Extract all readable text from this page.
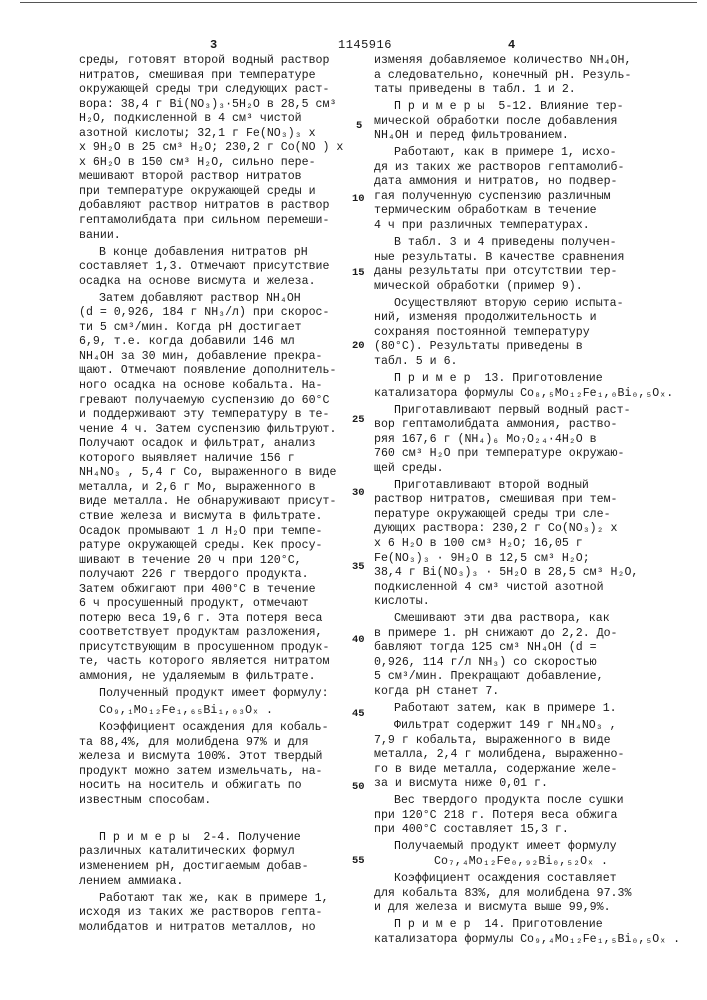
3	1145916	4
среды, готовят второй водный раствор
нитратов, смешивая при температуре
окружающей среды три следующих раст-
вора: 38,4 г Bi(NO₃)₃·5H₂O в 28,5 см³
H₂O, подкисленной в 4 см³ чистой
азотной кислоты; 32,1 г Fe(NO₃)₃ x
x 9H₂O в 25 см³ H₂O; 230,2 г Co(NO ) x
x 6H₂O в 150 см³ H₂O, сильно пере-
мешивают второй раствор нитратов
при температуре окружающей среды и
добавляют раствор нитратов в раствор
гептамолибдата при сильном перемеши-
вании.
В конце добавления нитратов pH
составляет 1,3. Отмечают присутствие
осадка на основе висмута и железа.
Затем добавляют раствор NH₄OH
(d = 0,926, 184 г NH₃/л) при скорос-
ти 5 см³/мин. Когда pH достигает
6,9, т.е. когда добавили 146 мл
NH₄OH за 30 мин, добавление прекра-
щают. Отмечают появление дополнитель-
ного осадка на основе кобальта. На-
гревают получаемую суспензию до 60°C
и поддерживают эту температуру в те-
чение 4 ч. Затем суспензию фильтруют.
Получают осадок и фильтрат, анализ
которого выявляет наличие 156 г
NH₄NO₃ , 5,4 г Co, выраженного в виде
металла, и 2,6 г Mo, выраженного в
виде металла. Не обнаруживают присут-
ствие железа и висмута в фильтрате.
Осадок промывают 1 л H₂O при темпе-
ратуре окружающей среды. Кек просу-
шивают в течение 20 ч при 120°C,
получают 226 г твердого продукта.
Затем обжигают при 400°C в течение
6 ч просушенный продукт, отмечают
потерю веса 19,6 г. Эта потеря веса
соответствует продуктам разложения,
присутствующим в просушенном продук-
те, часть которого является нитратом
аммония, не удаляемым в фильтрате.
Полученный продукт имеет формулу:
Co₉,₁Mo₁₂Fe₁,₆₅Bi₁,₀₃Oₓ .
Коэффициент осаждения для кобаль-
та 88,4%, для молибдена 97% и для
железа и висмута 100%. Этот твердый
продукт можно затем измельчать, на-
носить на носитель и обжигать по
известным способам.
П р и м е р ы  2-4. Получение
различных каталитических формул
изменением pH, достигаемым добав-
лением аммиака.
Работают так же, как в примере 1,
исходя из таких же растворов гепта-
молибдатов и нитратов металлов, но
изменяя добавляемое количество NH₄OH,
а следовательно, конечный pH. Резуль-
таты приведены в табл. 1 и 2.
П р и м е р ы  5-12. Влияние тер-
мической обработки после добавления
NH₄OH и перед фильтрованием.
Работают, как в примере 1, исхо-
дя из таких же растворов гептамолиб-
дата аммония и нитратов, но подвер-
гая полученную суспензию различным
термическим обработкам в течение
4 ч при различных температурах.
В табл. 3 и 4 приведены получен-
ные результаты. В качестве сравнения
даны результаты при отсутствии тер-
мической обработки (пример 9).
Осуществляют вторую серию испыта-
ний, изменяя продолжительность и
сохраняя постоянной температуру
(80°C). Результаты приведены в
табл. 5 и 6.
П р и м е р  13. Приготовление
катализатора формулы Co₈,₅Mo₁₂Fe₁,₀Bi₀,₅Oₓ.
Приготавливают первый водный раст-
вор гептамолибдата аммония, раство-
ряя 167,6 г (NH₄)₆ Mo₇O₂₄·4H₂O в
760 см³ H₂O при температуре окружаю-
щей среды.
Приготавливают второй водный
раствор нитратов, смешивая при тем-
пературе окружающей среды три сле-
дующих раствора: 230,2 г Co(NO₃)₂ x
x 6 H₂O в 100 см³ H₂O; 16,05 г
Fe(NO₃)₃ · 9H₂O в 12,5 см³ H₂O;
38,4 г Bi(NO₃)₃ · 5H₂O в 28,5 см³ H₂O,
подкисленной 4 см³ чистой азотной
кислоты.
Смешивают эти два раствора, как
в примере 1. pH снижают до 2,2. До-
бавляют тогда 125 см³ NH₄OH (d =
0,926, 114 г/л NH₃) со скоростью
5 см³/мин. Прекращают добавление,
когда pH станет 7.
Работают затем, как в примере 1.
Фильтрат содержит 149 г NH₄NO₃ ,
7,9 г кобальта, выраженного в виде
металла, 2,4 г молибдена, выраженно-
го в виде металла, содержание желе-
за и висмута ниже 0,01 г.
Вес твердого продукта после сушки
при 120°C 218 г. Потеря веса обжига
при 400°C составляет 15,3 г.
Получаемый продукт имеет формулу
Co₇,₄Mo₁₂Fe₀,₉₂Bi₀,₅₂Oₓ .
Коэффициент осаждения составляет
для кобальта 83%, для молибдена 97.3%
и для железа и висмута выше 99,9%.
П р и м е р  14. Приготовление
катализатора формулы Co₉,₄Mo₁₂Fe₁,₅Bi₀,₅Oₓ .
5
10
15
20
25
30
35
40
45
50
55
